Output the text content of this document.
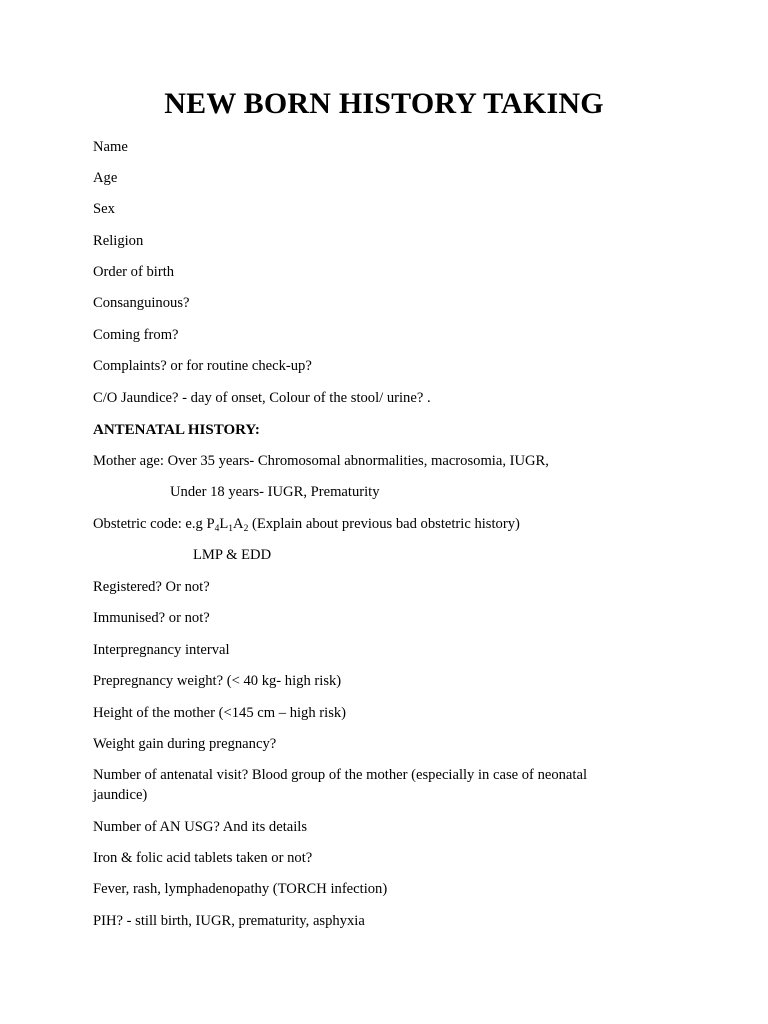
NEW BORN HISTORY TAKING

Name

Age

Sex

Religion

Order of birth

Consanguinous?

Coming from?

Complaints? or for routine check-up?

C/O Jaundice? - day of onset, Colour of the stool/ urine? .

ANTENATAL HISTORY:

Mother age: Over 35 years- Chromosomal abnormalities, macrosomia, IUGR,

Under 18 years- IUGR, Prematurity

Obstetric code: e.g $P_4L_1A_2$ (Explain about previous bad obstetric history)

LMP & EDD

Registered? Or not?

Immunised? or not?

Interpregnancy interval

Prepregnancy weight? (< 40 kg- high risk)

Height of the mother (<145 cm – high risk)

Weight gain during pregnancy?

Number of antenatal visit? Blood group of the mother (especially in case of neonatal jaundice)

Number of AN USG? And its details

Iron & folic acid tablets taken or not?

Fever, rash, lymphadenopathy (TORCH infection)

PIH? - still birth, IUGR, prematurity, asphyxia
